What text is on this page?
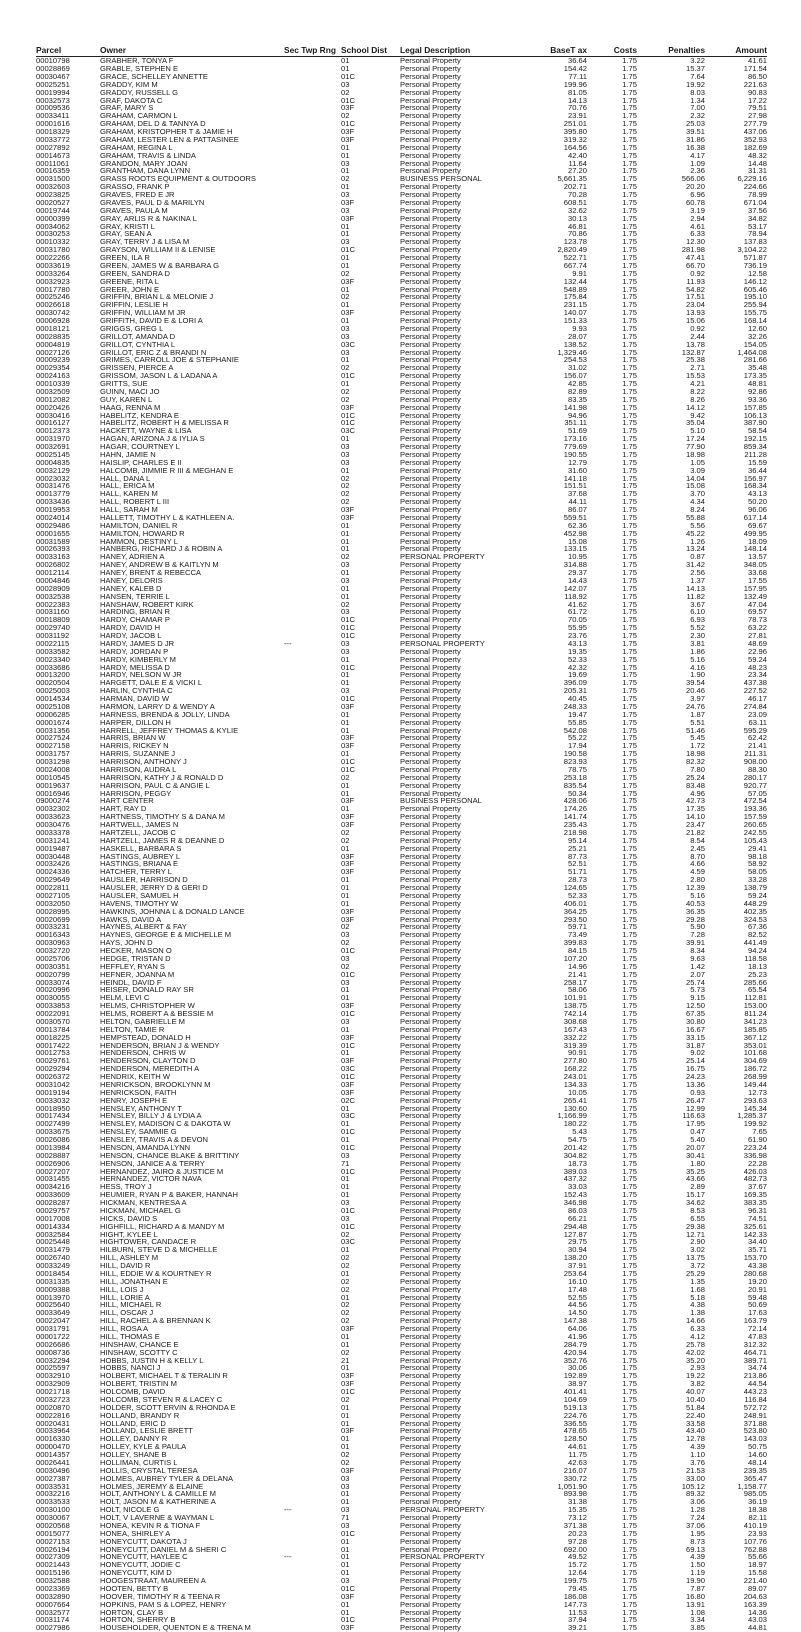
Parcel	Owner	Sec Twp Rng	School Dist	Legal Description	BaseT ax	Costs	Penalties	Amount
00010798	GRABHER, TONYA F		01	Personal Property	36.64	1.75	3.22	41.61
00028869	GRABLE, STEPHEN E		01	Personal Property	154.42	1.75	15.37	171.54
00030467	GRACE, SCHELLEY ANNETTE		01C	Personal Property	77.11	1.75	7.64	86.50
00025251	GRADDY, KIM M		03	Personal Property	199.96	1.75	19.92	221.63
00019994	GRADDY, RUSSELL G		02	Personal Property	81.05	1.75	8.03	90.83
00032573	GRAF, DAKOTA C		01C	Personal Property	14.13	1.75	1.34	17.22
00009536	GRAF, MARY S		03F	Personal Property	70.76	1.75	7.00	79.51
00033411	GRAHAM, CARMON L		02	Personal Property	23.91	1.75	2.32	27.98
00001616	GRAHAM, DEL D & TANNYA D		01C	Personal Property	251.01	1.75	25.03	277.79
00018329	GRAHAM, KRISTOPHER T & JAMIE H		03F	Personal Property	395.80	1.75	39.51	437.06
00033772	GRAHAM, LESTER LEN & PATTASINEE		03F	Personal Property	319.32	1.75	31.86	352.93
00027892	GRAHAM, REGINA L		01	Personal Property	164.56	1.75	16.38	182.69
00014673	GRAHAM, TRAVIS & LINDA		01	Personal Property	42.40	1.75	4.17	48.32
00011061	GRANDON, MARY JOAN		03	Personal Property	11.64	1.75	1.09	14.48
00016359	GRANTHAM, DANA LYNN		01	Personal Property	27.20	1.75	2.36	31.31
00031500	GRASS ROOTS EQUIPMENT & OUTDOORS		02	BUSINESS PERSONAL	5,661.35	1.75	566.06	6,229.16
00032603	GRASSO, FRANK P		01	Personal Property	202.71	1.75	20.20	224.66
00023825	GRAVES, FRED E JR		03	Personal Property	70.28	1.75	6.96	78.99
00020527	GRAVES, PAUL D & MARILYN		03F	Personal Property	608.51	1.75	60.78	671.04
00019744	GRAVES, PAULA M		03	Personal Property	32.62	1.75	3.19	37.56
00000399	GRAY, ARLIS R & NAKINA L		03F	Personal Property	30.13	1.75	2.94	34.82
00034062	GRAY, KRISTI L		01	Personal Property	46.81	1.75	4.61	53.17
00030253	GRAY, SEAN A		01	Personal Property	70.86	1.75	6.33	78.94
00010332	GRAY, TERRY J & LISA M		03	Personal Property	123.78	1.75	12.30	137.83
00031780	GRAYSON, WILLIAM II & LENISE		01C	Personal Property	2,820.49	1.75	281.98	3,104.22
00022266	GREEN, ILA R		01	Personal Property	522.71	1.75	47.41	571.87
00033619	GREEN, JAMES W & BARBARA G		01	Personal Property	667.74	1.75	66.70	736.19
00033264	GREEN, SANDRA D		02	Personal Property	9.91	1.75	0.92	12.58
00032923	GREENE, RITA L		03F	Personal Property	132.44	1.75	11.93	146.12
00017780	GREER, JOHN E		01	Personal Property	548.89	1.75	54.82	605.46
00025246	GRIFFIN, BRIAN L & MELONIE J		02	Personal Property	175.84	1.75	17.51	195.10
00026618	GRIFFIN, LESLIE H		01	Personal Property	231.15	1.75	23.04	255.94
00030742	GRIFFIN, WILLIAM M JR		03F	Personal Property	140.07	1.75	13.93	155.75
00006928	GRIFFITH, DAVID E & LORI A		01	Personal Property	151.33	1.75	15.06	168.14
00018121	GRIGGS, GREG L		03	Personal Property	9.93	1.75	0.92	12.60
00028835	GRILLOT, AMANDA D		03	Personal Property	28.07	1.75	2.44	32.26
00004819	GRILLOT, CYNTHIA L		03C	Personal Property	138.52	1.75	13.78	154.05
00027126	GRILLOT, ERIC Z & BRANDI N		03	Personal Property	1,329.46	1.75	132.87	1,464.08
00009239	GRIMES, CARROLL JOE & STEPHANIE		01	Personal Property	254.53	1.75	25.38	281.66
00029354	GRISSEN, PIERCE A		02	Personal Property	31.02	1.75	2.71	35.48
00024163	GRISSOM, JASON L & LADANA A		01C	Personal Property	156.07	1.75	15.53	173.35
00010339	GRITTS, SUE		01	Personal Property	42.85	1.75	4.21	48.81
00032509	GUINN, MACI JO		02	Personal Property	82.89	1.75	8.22	92.86
00012082	GUY, KAREN L		02	Personal Property	83.35	1.75	8.26	93.36
00020426	HAAG, RENNA M		03F	Personal Property	141.98	1.75	14.12	157.85
00030416	HABELITZ, KENDRA E		01C	Personal Property	94.96	1.75	9.42	106.13
00016127	HABELITZ, ROBERT H & MELISSA R		01C	Personal Property	351.11	1.75	35.04	387.90
00012373	HACKETT, WAYNE & LISA		03C	Personal Property	51.69	1.75	5.10	58.54
00031970	HAGAN, ARIZONA J & IYLIA S		01	Personal Property	173.16	1.75	17.24	192.15
00032691	HAGAR, COURTNEY L		03	Personal Property	779.69	1.75	77.90	859.34
00025145	HAHN, JAMIE N		03	Personal Property	190.55	1.75	18.98	211.28
00004835	HAISLIP, CHARLES E II		03	Personal Property	12.79	1.75	1.05	15.59
00032129	HALCOMB, JIMMIE R III & MEGHAN E		01	Personal Property	31.60	1.75	3.09	36.44
00023032	HALL, DANA L		02	Personal Property	141.18	1.75	14.04	156.97
00031476	HALL, ERICA M		02	Personal Property	151.51	1.75	15.08	168.34
00013779	HALL, KAREN M		02	Personal Property	37.68	1.75	3.70	43.13
00033436	HALL, ROBERT L III		02	Personal Property	44.11	1.75	4.34	50.20
00019953	HALL, SARAH M		03F	Personal Property	86.07	1.75	8.24	96.06
00024014	HALLETT, TIMOTHY L & KATHLEEN A.		03F	Personal Property	559.51	1.75	55.88	617.14
00029486	HAMILTON, DANIEL R		01	Personal Property	62.36	1.75	5.56	69.67
00001655	HAMILTON, HOWARD R		01	Personal Property	452.98	1.75	45.22	499.95
00031589	HAMMON, DESTINY L		01	Personal Property	15.08	1.75	1.26	18.09
00026393	HANBERG, RICHARD J & ROBIN A		01	Personal Property	133.15	1.75	13.24	148.14
00033163	HANEY, ADRIEN A		02	PERSONAL PROPERTY	10.95	1.75	0.87	13.57
00026802	HANEY, ANDREW B & KAITLYN M		03	Personal Property	314.88	1.75	31.42	348.05
00012114	HANEY, BRENT & REBECCA		01	Personal Property	29.37	1.75	2.56	33.68
00004846	HANEY, DELORIS		03	Personal Property	14.43	1.75	1.37	17.55
00028909	HANEY, KALEB D		01	Personal Property	142.07	1.75	14.13	157.95
00032538	HANSEN, TERRIE L		01	Personal Property	118.92	1.75	11.82	132.49
00022383	HANSHAW, ROBERT KIRK		02	Personal Property	41.62	1.75	3.67	47.04
00031160	HARDING, BRIAN R		03	Personal Property	61.72	1.75	6.10	69.57
00018809	HARDY, CHAMAR P		01C	Personal Property	70.05	1.75	6.93	78.73
00029740	HARDY, DAVID H		01C	Personal Property	55.95	1.75	5.52	63.22
00031192	HARDY, JACOB L		01C	Personal Property	23.76	1.75	2.30	27.81
00022115	HARDY, JAMES D JR	---	03	PERSONAL PROPERTY	43.13	1.75	3.81	48.69
00033582	HARDY, JORDAN P		03	Personal Property	19.35	1.75	1.86	22.96
00023340	HARDY, KIMBERLY M		01	Personal Property	52.33	1.75	5.16	59.24
00033686	HARDY, MELISSA D		01C	Personal Property	42.32	1.75	4.16	48.23
00013200	HARDY, NELSON W JR		01	Personal Property	19.69	1.75	1.90	23.34
00020504	HARGETT, DALE E & VICKI L		01	Personal Property	396.09	1.75	39.54	437.38
00025003	HARLIN, CYNTHIA C		03	Personal Property	205.31	1.75	20.46	227.52
00014534	HARMAN, DAVID W		01C	Personal Property	40.45	1.75	3.97	46.17
00025108	HARMON, LARRY D & WENDY A		03F	Personal Property	248.33	1.75	24.76	274.84
00006285	HARNESS, BRENDA & JOLLY, LINDA		01	Personal Property	19.47	1.75	1.87	23.09
00001674	HARPER, DILLON H		01	Personal Property	55.85	1.75	5.51	63.11
00031356	HARRELL, JEFFREY THOMAS & KYLIE		01	Personal Property	542.08	1.75	51.46	595.29
00027524	HARRIS, BRIAN W		03F	Personal Property	55.22	1.75	5.45	62.42
00027158	HARRIS, RICKEY N		03F	Personal Property	17.94	1.75	1.72	21.41
00031757	HARRIS, SUZANNE J		01	Personal Property	190.58	1.75	18.98	211.31
00031298	HARRISON, ANTHONY J		01C	Personal Property	823.93	1.75	82.32	908.00
00024008	HARRISON, AUDRA L		01C	Personal Property	78.75	1.75	7.80	88.30
00010545	HARRISON, KATHY J & RONALD D		02	Personal Property	253.18	1.75	25.24	280.17
00019637	HARRISON, PAUL C & ANGIE L		01	Personal Property	835.54	1.75	83.48	920.77
00016946	HARRISON, PEGGY		01	Personal Property	50.34	1.75	4.96	57.05
09000274	HART CENTER		03F	BUSINESS PERSONAL	428.06	1.75	42.73	472.54
00032302	HART, RAY D		01	Personal Property	174.26	1.75	17.35	193.36
00033623	HARTNESS, TIMOTHY S & DANA M		03F	Personal Property	141.74	1.75	14.10	157.59
00030476	HARTWELL, JAMES N		03F	Personal Property	235.43	1.75	23.47	260.65
00033378	HARTZELL, JACOB C		02	Personal Property	218.98	1.75	21.82	242.55
00031241	HARTZELL, JAMES R & DEANNE D		02	Personal Property	95.14	1.75	8.54	105.43
00019487	HASKELL, BARBARA S		01	Personal Property	25.21	1.75	2.45	29.41
00030448	HASTINGS, AUBREY L		03F	Personal Property	87.73	1.75	8.70	98.18
00032426	HASTINGS, BRIANA E		03F	Personal Property	52.51	1.75	4.66	58.92
00024336	HATCHER, TERRY L		03F	Personal Property	51.71	1.75	4.59	58.05
00029649	HAUSLER, HARRISON D		01	Personal Property	28.73	1.75	2.80	33.28
00022811	HAUSLER, JERRY D & GERI D		01	Personal Property	124.65	1.75	12.39	138.79
00027105	HAUSLER, SAMUEL H		01	Personal Property	52.33	1.75	5.16	59.24
00032050	HAVENS, TIMOTHY W		01	Personal Property	406.01	1.75	40.53	448.29
00028995	HAWKINS, JOHNNA L & DONALD LANCE		03F	Personal Property	364.25	1.75	36.35	402.35
00020699	HAWKS, DAVID A		03F	Personal Property	293.50	1.75	29.28	324.53
00033231	HAYNES, ALBERT & FAY		02	Personal Property	59.71	1.75	5.90	67.36
00016343	HAYNES, GEORGE E & MICHELLE M		03	Personal Property	73.49	1.75	7.28	82.52
00030963	HAYS, JOHN D		02	Personal Property	399.83	1.75	39.91	441.49
00032720	HECKER, MASON O		01C	Personal Property	84.15	1.75	8.34	94.24
00025706	HEDGE, TRISTAN D		03	Personal Property	107.20	1.75	9.63	118.58
00030351	HEFFLEY, RYAN S		02	Personal Property	14.96	1.75	1.42	18.13
00020799	HEFNER, JOANNA M		01C	Personal Property	21.41	1.75	2.07	25.23
00033074	HEINDL, DAVID F		03	Personal Property	258.17	1.75	25.74	285.66
00020996	HEISER, DONALD RAY SR		01	Personal Property	58.06	1.75	5.73	65.54
00030055	HELM, LEVI C		01	Personal Property	101.91	1.75	9.15	112.81
00033853	HELMS, CHRISTOPHER W		03F	Personal Property	138.75	1.75	12.50	153.00
00022091	HELMS, ROBERT A & BESSIE M		01C	Personal Property	742.14	1.75	67.35	811.24
00030570	HELTON, GABRIELLE M		03	Personal Property	308.68	1.75	30.80	341.23
00013784	HELTON, TAMIE R		01	Personal Property	167.43	1.75	16.67	185.85
00018225	HEMPSTEAD, DONALD H		03F	Personal Property	332.22	1.75	33.15	367.12
00017422	HENDERSON, BRIAN J & WENDY		01C	Personal Property	319.39	1.75	31.87	353.01
00012753	HENDERSON, CHRIS W		01	Personal Property	90.91	1.75	9.02	101.68
00029761	HENDERSON, CLAYTON D		03F	Personal Property	277.80	1.75	25.14	304.69
00029294	HENDERSON, MEREDITH A		03C	Personal Property	168.22	1.75	16.75	186.72
00026372	HENDRIX, KEITH W		01C	Personal Property	243.01	1.75	24.23	268.99
00031042	HENRICKSON, BROOKLYNN M		03F	Personal Property	134.33	1.75	13.36	149.44
00019194	HENRICKSON, FAITH		03F	Personal Property	10.05	1.75	0.93	12.73
00033032	HENRY, JOSEPH E		02C	Personal Property	265.41	1.75	26.47	293.63
00018950	HENSLEY, ANTHONY T		01	Personal Property	130.60	1.75	12.99	145.34
00017434	HENSLEY, BILLY J & LYDIA A		03C	Personal Property	1,166.99	1.75	116.63	1,285.37
00027499	HENSLEY, MADISON C & DAKOTA W		01	Personal Property	180.22	1.75	17.95	199.92
00033675	HENSLEY, SAMMIE G		01C	Personal Property	5.43	1.75	0.47	7.65
00026086	HENSLEY, TRAVIS A & DEVON		01	Personal Property	54.75	1.75	5.40	61.90
00013984	HENSON, AMANDA LYNN		01C	Personal Property	201.42	1.75	20.07	223.24
00028887	HENSON, CHANCE BLAKE & BRITTINY		03	Personal Property	304.82	1.75	30.41	336.98
00026906	HENSON, JANICE A & TERRY		71	Personal Property	18.73	1.75	1.80	22.28
00027207	HERNANDEZ, JAIRO & JUSTICE M		01C	Personal Property	389.03	1.75	35.25	426.03
00031455	HERNANDEZ, VICTOR NAVA		01	Personal Property	437.32	1.75	43.66	482.73
00034216	HESS, TROY J		01	Personal Property	33.03	1.75	2.89	37.67
00033609	HEUMIER, RYAN P & BAKER, HANNAH		01	Personal Property	152.43	1.75	15.17	169.35
00028287	HICKMAN, KENTRESA A		03	Personal Property	346.98	1.75	34.62	383.35
00029757	HICKMAN, MICHAEL G		01C	Personal Property	86.03	1.75	8.53	96.31
00017008	HICKS, DAVID S		03	Personal Property	66.21	1.75	6.55	74.51
00014334	HIGHFILL, RICHARD A & MANDY M		01C	Personal Property	294.48	1.75	29.38	325.61
00032584	HIGHT, KYLEE L		02	Personal Property	127.87	1.75	12.71	142.33
00025448	HIGHTOWER, CANDACE R		03C	Personal Property	29.75	1.75	2.90	34.40
00031479	HILBURN, STEVE D & MICHELLE		01	Personal Property	30.94	1.75	3.02	35.71
00026740	HILL, ASHLEY M		02	Personal Property	138.20	1.75	13.75	153.70
00033249	HILL, DAVID R		02	Personal Property	37.91	1.75	3.72	43.38
00018454	HILL, EDDIE W & KOURTNEY R		01	Personal Property	253.64	1.75	25.29	280.68
00031335	HILL, JONATHAN E		02	Personal Property	16.10	1.75	1.35	19.20
00009388	HILL, LOIS J		02	Personal Property	17.48	1.75	1.68	20.91
00013970	HILL, LORIE A		01	Personal Property	52.55	1.75	5.18	59.48
00025640	HILL, MICHAEL R		02	Personal Property	44.56	1.75	4.38	50.69
00033649	HILL, OSCAR J		02	Personal Property	14.50	1.75	1.38	17.63
00022047	HILL, RACHEL A & BRENNAN K		02	Personal Property	147.38	1.75	14.66	163.79
00031791	HILL, ROSA A		03F	Personal Property	64.06	1.75	6.33	72.14
00001722	HILL, THOMAS E		01	Personal Property	41.96	1.75	4.12	47.83
00026686	HINSHAW, CHANCE E		01	Personal Property	284.79	1.75	25.78	312.32
00008736	HINSHAW, SCOTTY C		02	Personal Property	420.94	1.75	42.02	464.71
00032294	HOBBS, JUSTIN H & KELLY L		21	Personal Property	352.76	1.75	35.20	389.71
00025597	HOBBS, NANCI J		01	Personal Property	30.06	1.75	2.93	34.74
00032910	HOLBERT, MICHAEL T & TERALIN R		03F	Personal Property	192.89	1.75	19.22	213.86
00032909	HOLBERT, TRISTIN M		03F	Personal Property	38.97	1.75	3.82	44.54
00021718	HOLCOMB, DAVID		01C	Personal Property	401.41	1.75	40.07	443.23
00032723	HOLCOMB, STEVEN R & LACEY C		02	Personal Property	104.69	1.75	10.40	116.84
00020870	HOLDER, SCOTT ERVIN & RHONDA E		01	Personal Property	519.13	1.75	51.84	572.72
00022816	HOLLAND, BRANDY R		01	Personal Property	224.76	1.75	22.40	248.91
00020431	HOLLAND, ERIC D		01	Personal Property	336.55	1.75	33.58	371.88
00033964	HOLLAND, LESLIE BRETT		03F	Personal Property	478.65	1.75	43.40	523.80
00016330	HOLLEY, DANNY R		01	Personal Property	128.50	1.75	12.78	143.03
00000470	HOLLEY, KYLE & PAULA		01	Personal Property	44.61	1.75	4.39	50.75
00014357	HOLLEY, SHANE B		02	Personal Property	11.75	1.75	1.10	14.60
00026441	HOLLIMAN, CURTIS L		02	Personal Property	42.63	1.75	3.76	48.14
00030496	HOLLIS, CRYSTAL TERESA		03F	Personal Property	216.07	1.75	21.53	239.35
00027387	HOLMES, AUBREY TYLER & DELANA		03	Personal Property	330.72	1.75	33.00	365.47
00033531	HOLMES, JEREMY & ELAINE		03	Personal Property	1,051.90	1.75	105.12	1,158.77
00032216	HOLT, ANTHONY L & CAMILLE M		01	Personal Property	893.98	1.75	89.32	985.05
00033533	HOLT, JASON M & KATHERINE A		01	Personal Property	31.38	1.75	3.06	36.19
00030100	HOLT, NICOLE G	---	03	PERSONAL PROPERTY	15.35	1.75	1.28	18.38
00030067	HOLT, V LAVERNE & WAYMAN L		71	Personal Property	73.12	1.75	7.24	82.11
00020568	HONEA, KEVIN R & TIONA F		03	Personal Property	371.38	1.75	37.06	410.19
00015077	HONEA, SHIRLEY A		01C	Personal Property	20.23	1.75	1.95	23.93
00027153	HONEYCUTT, DAKOTA J		01	Personal Property	97.28	1.75	8.73	107.76
00026194	HONEYCUTT, DANIEL M & SHERI C		01	Personal Property	692.00	1.75	69.13	762.88
00027309	HONEYCUTT, HAYLEE C	---	01	PERSONAL PROPERTY	49.52	1.75	4.39	55.66
00021443	HONEYCUTT, JODIE C		01	Personal Property	15.72	1.75	1.50	18.97
00015196	HONEYCUTT, KIM D		01	Personal Property	12.64	1.75	1.19	15.58
00032588	HOOGESTRAAT, MAUREEN A		03	Personal Property	199.75	1.75	19.90	221.40
00023369	HOOTEN, BETTY B		01C	Personal Property	79.45	1.75	7.87	89.07
00032890	HOOVER, TIMOTHY R & TEENA R		03F	Personal Property	186.08	1.75	16.80	204.63
00007664	HOPKINS, PAM S & LOPEZ, HENRY		01	Personal Property	147.73	1.75	13.91	163.39
00032577	HORTON, CLAY B		01	Personal Property	11.53	1.75	1.08	14.36
00031174	HORTON, SHERRY B		01C	Personal Property	37.94	1.75	3.34	43.03
00027986	HOUSEHOLDER, QUENTON E & TRENA M		03F	Personal Property	39.21	1.75	3.85	44.81
